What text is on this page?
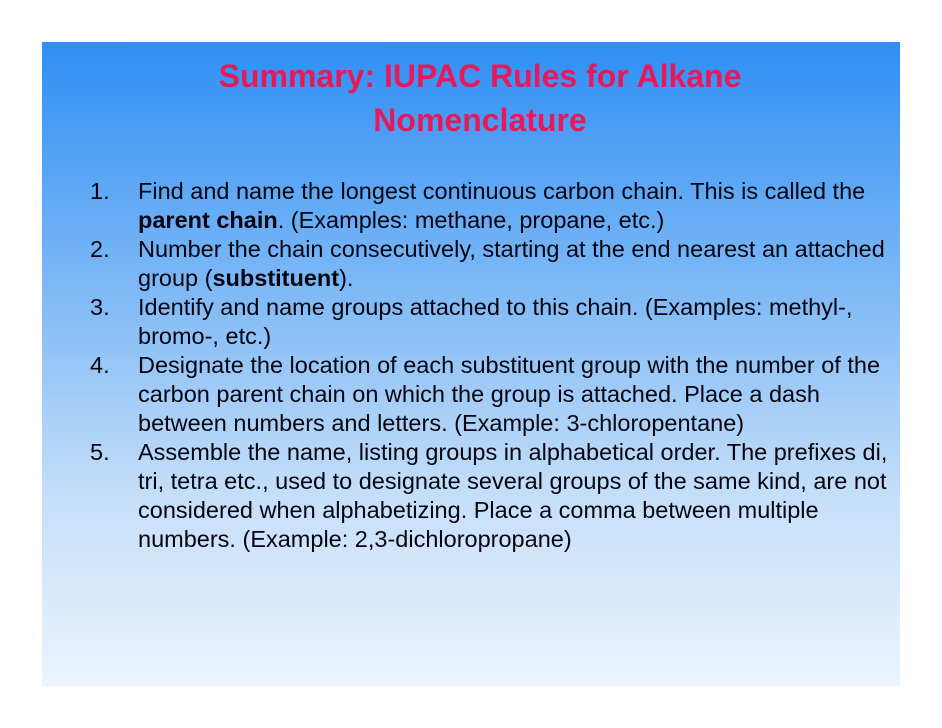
Summary: IUPAC Rules for Alkane
Nomenclature
1. Find and name the longest continuous carbon chain. This is called the parent chain. (Examples: methane, propane, etc.)
2. Number the chain consecutively, starting at the end nearest an attached group (substituent).
3. Identify and name groups attached to this chain. (Examples: methyl-, bromo-, etc.)
4. Designate the location of each substituent group with the number of the carbon parent chain on which the group is attached. Place a dash between numbers and letters. (Example: 3-chloropentane)
5. Assemble the name, listing groups in alphabetical order. The prefixes di, tri, tetra etc., used to designate several groups of the same kind, are not considered when alphabetizing. Place a comma between multiple numbers. (Example: 2,3-dichloropropane)
